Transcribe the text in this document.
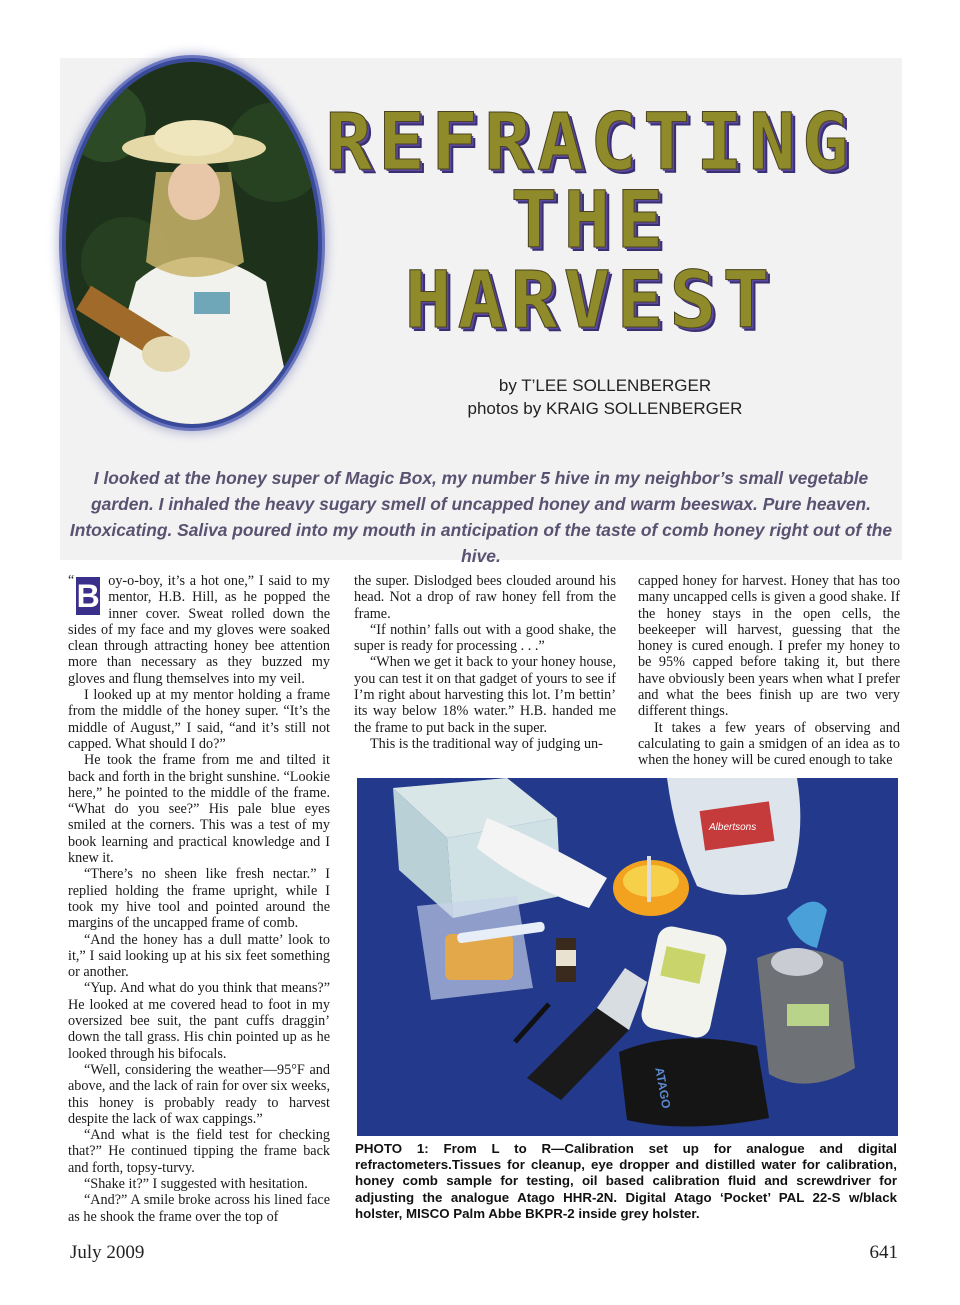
REFRACTING
THE
HARVEST
by T’LEE SOLLENBERGER
photos by KRAIG SOLLENBERGER
I looked at the honey super of Magic Box, my number 5 hive in my neighbor’s small vegetable garden. I inhaled the heavy sugary smell of uncapped honey and warm beeswax. Pure heaven. Intoxicating. Saliva poured into my mouth in anticipation of the taste of comb honey right out of the hive.

“ B oy-o-boy, it’s a hot one,” I said to my mentor, H.B. Hill, as he popped the inner cover. Sweat rolled down the sides of my face and my gloves were soaked clean through attracting honey bee attention more than necessary as they buzzed my gloves and flung themselves into my veil.

I looked up at my mentor holding a frame from the middle of the honey super. “It’s the middle of August,” I said, “and it’s still not capped. What should I do?”

He took the frame from me and tilted it back and forth in the bright sunshine. “Lookie here,” he pointed to the middle of the frame. “What do you see?” His pale blue eyes smiled at the corners. This was a test of my book learning and practical knowledge and I knew it.

“There’s no sheen like fresh nectar.” I replied holding the frame upright, while I took my hive tool and pointed around the margins of the uncapped frame of comb.

“And the honey has a dull matte’ look to it,” I said looking up at his six feet something or another.

“Yup. And what do you think that means?” He looked at me covered head to foot in my oversized bee suit, the pant cuffs draggin’ down the tall grass. His chin pointed up as he looked through his bifocals.

“Well, considering the weather—95°F and above, and the lack of rain for over six weeks, this honey is probably ready to harvest despite the lack of wax cappings.”

“And what is the field test for checking that?” He continued tipping the frame back and forth, topsy-turvy.

“Shake it?” I suggested with hesitation.

“And?” A smile broke across his lined face as he shook the frame over the top of

the super. Dislodged bees clouded around his head. Not a drop of raw honey fell from the frame.

“If nothin’ falls out with a good shake, the super is ready for processing . . .”

“When we get it back to your honey house, you can test it on that gadget of yours to see if I’m right about harvesting this lot. I’m bettin’ its way below 18% water.” H.B. handed me the frame to put back in the super.

This is the traditional way of judging un-

capped honey for harvest. Honey that has too many uncapped cells is given a good shake. If the honey stays in the open cells, the beekeeper will harvest, guessing that the honey is cured enough. I prefer my honey to be 95% capped before taking it, but there have obviously been years when what I prefer and what the bees finish up are two very different things.

It takes a few years of observing and calculating to gain a smidgen of an idea as to when the honey will be cured enough to take

Albertsons
ATAGO
PHOTO 1: From L to R—Calibration set up for analogue and digital refractometers.Tissues for cleanup, eye dropper and distilled water for calibration, honey comb sample for testing, oil based calibration fluid and screwdriver for adjusting the analogue Atago HHR-2N. Digital Atago ‘Pocket’ PAL 22-S w/black holster, MISCO Palm Abbe BKPR-2 inside grey holster.
July 2009	641
